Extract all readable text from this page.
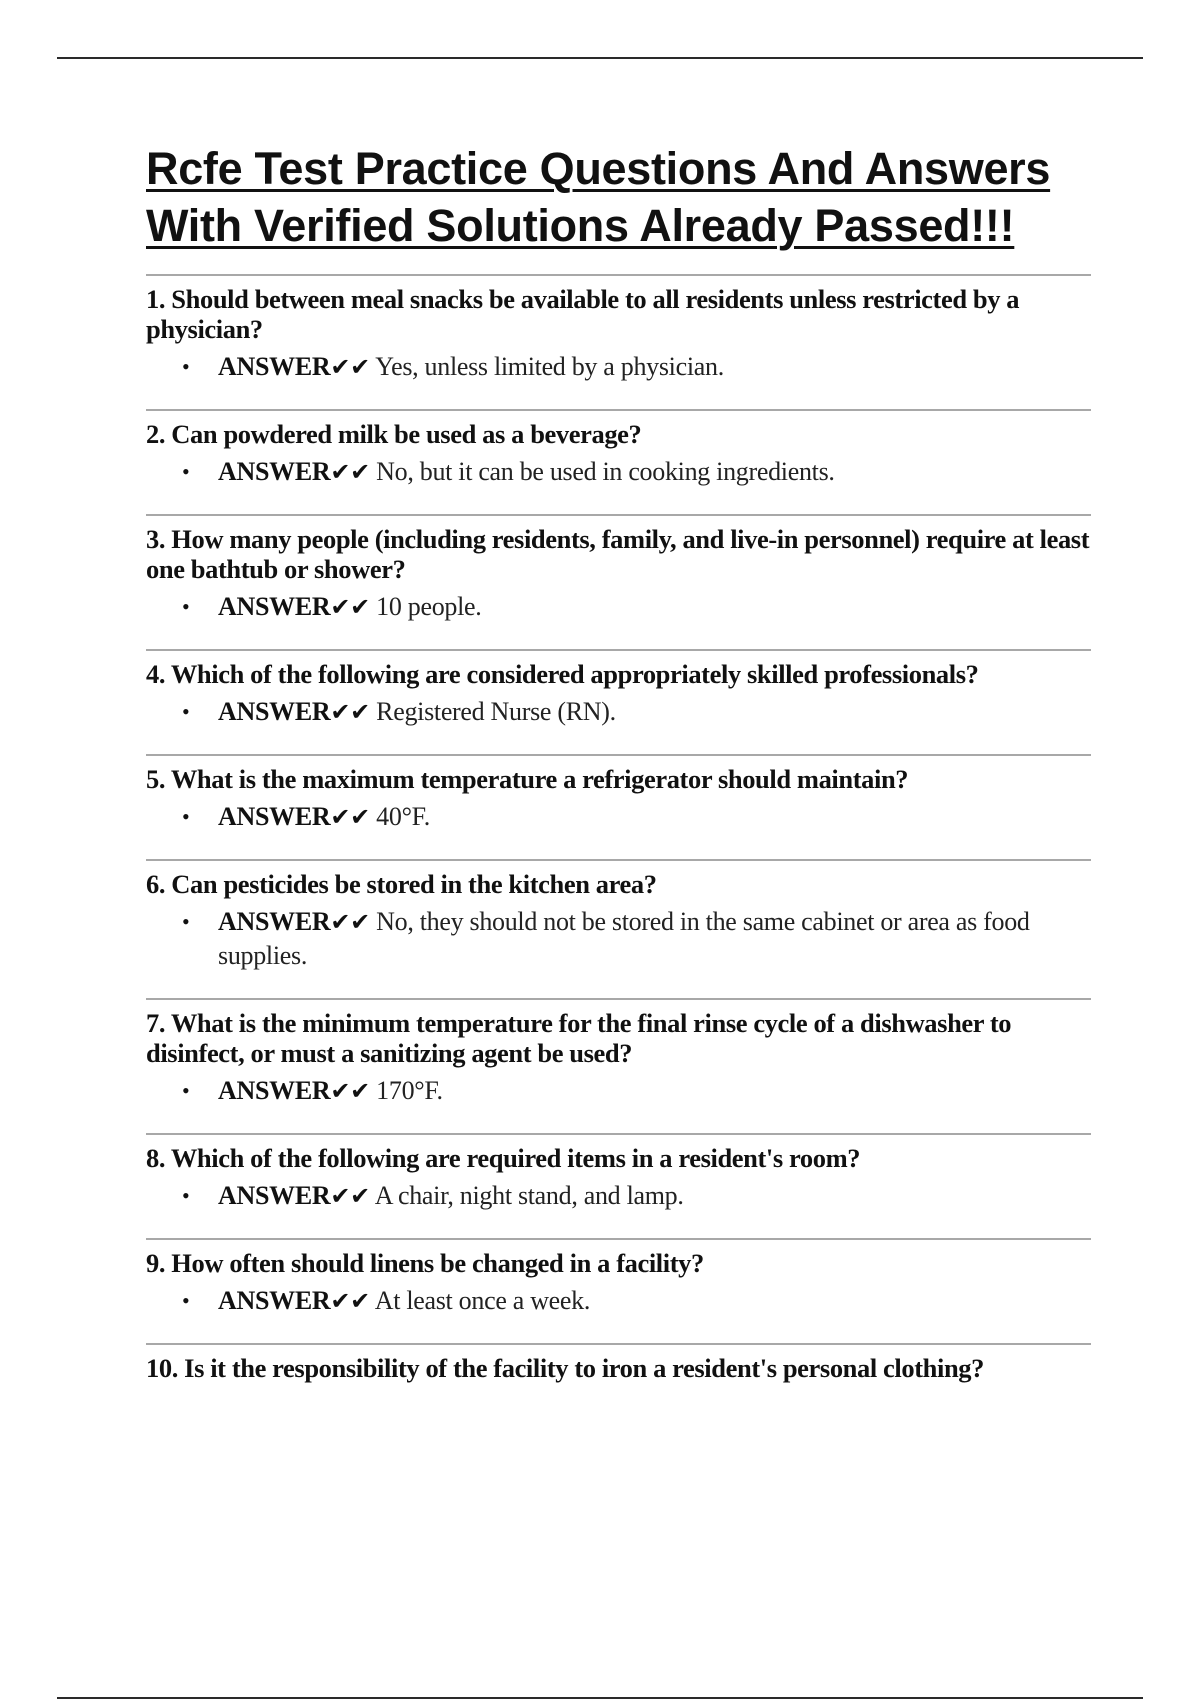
Rcfe Test Practice Questions And Answers With Verified Solutions Already Passed!!!

1. Should between meal snacks be available to all residents unless restricted by a physician?

• ANSWER✔✔ Yes, unless limited by a physician.

2. Can powdered milk be used as a beverage?

• ANSWER✔✔ No, but it can be used in cooking ingredients.

3. How many people (including residents, family, and live-in personnel) require at least one bathtub or shower?

• ANSWER✔✔ 10 people.

4. Which of the following are considered appropriately skilled professionals?

• ANSWER✔✔ Registered Nurse (RN).

5. What is the maximum temperature a refrigerator should maintain?

• ANSWER✔✔ 40°F.

6. Can pesticides be stored in the kitchen area?

• ANSWER✔✔ No, they should not be stored in the same cabinet or area as food supplies.

7. What is the minimum temperature for the final rinse cycle of a dishwasher to disinfect, or must a sanitizing agent be used?

• ANSWER✔✔ 170°F.

8. Which of the following are required items in a resident's room?

• ANSWER✔✔ A chair, night stand, and lamp.

9. How often should linens be changed in a facility?

• ANSWER✔✔ At least once a week.

10. Is it the responsibility of the facility to iron a resident's personal clothing?
